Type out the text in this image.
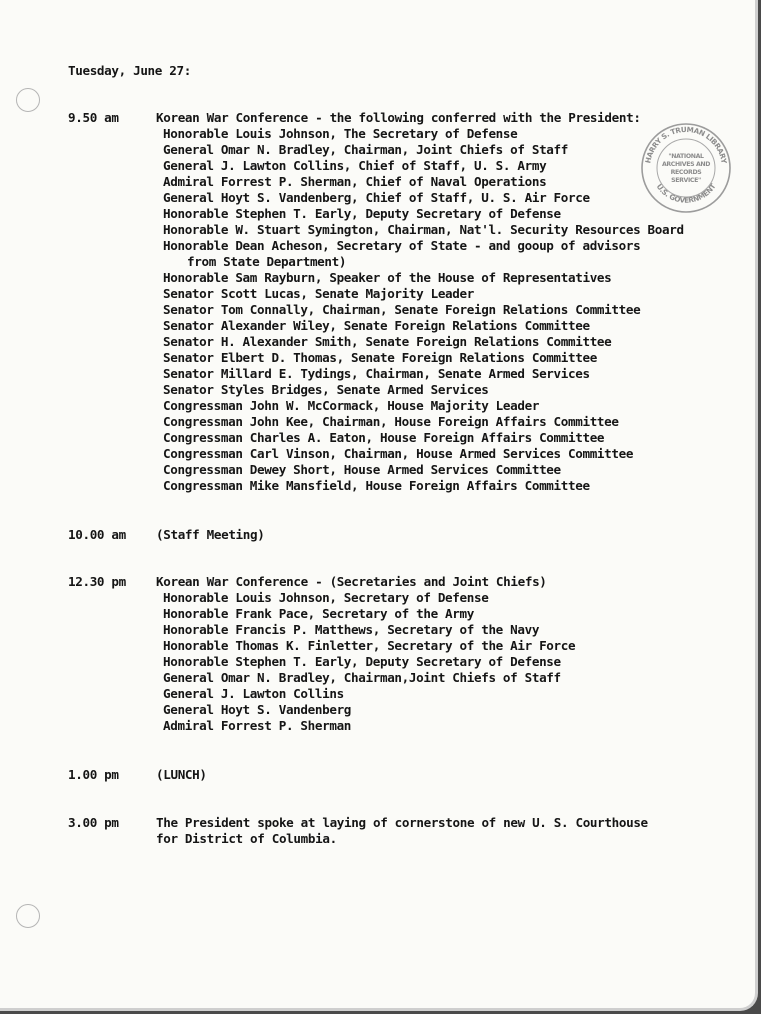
Tuesday, June 27:
9.50 am	Korean War Conference - the following conferred with the President:
Honorable Louis Johnson, The Secretary of Defense
General Omar N. Bradley, Chairman, Joint Chiefs of Staff
General J. Lawton Collins, Chief of Staff, U. S. Army
Admiral Forrest P. Sherman, Chief of Naval Operations
General Hoyt S. Vandenberg, Chief of Staff, U. S. Air Force
Honorable Stephen T. Early, Deputy Secretary of Defense
Honorable W. Stuart Symington, Chairman, Nat'l. Security Resources Board
Honorable Dean Acheson, Secretary of State - and gooup of advisors
from State Department)
Honorable Sam Rayburn, Speaker of the House of Representatives
Senator Scott Lucas, Senate Majority Leader
Senator Tom Connally, Chairman, Senate Foreign Relations Committee
Senator Alexander Wiley, Senate Foreign Relations Committee
Senator H. Alexander Smith, Senate Foreign Relations Committee
Senator Elbert D. Thomas, Senate Foreign Relations Committee
Senator Millard E. Tydings, Chairman, Senate Armed Services
Senator Styles Bridges, Senate Armed Services
Congressman John W. McCormack, House Majority Leader
Congressman John Kee, Chairman, House Foreign Affairs Committee
Congressman Charles A. Eaton, House Foreign Affairs Committee
Congressman Carl Vinson, Chairman, House Armed Services Committee
Congressman Dewey Short, House Armed Services Committee
Congressman Mike Mansfield, House Foreign Affairs Committee
10.00 am (Staff Meeting)
12.30 pm Korean War Conference - (Secretaries and Joint Chiefs)
Honorable Louis Johnson, Secretary of Defense
Honorable Frank Pace, Secretary of the Army
Honorable Francis P. Matthews, Secretary of the Navy
Honorable Thomas K. Finletter, Secretary of the Air Force
Honorable Stephen T. Early, Deputy Secretary of Defense
General Omar N. Bradley, Chairman,Joint Chiefs of Staff
General J. Lawton Collins
General Hoyt S. Vandenberg
Admiral Forrest P. Sherman
1.00 pm	(LUNCH)
3.00 pm	The President spoke at laying of cornerstone of new U. S. Courthouse
for District of Columbia.
HARRY S. TRUMAN LIBRARY
U.S. GOVERNMENT
"NATIONAL
ARCHIVES AND
RECORDS
SERVICE"
